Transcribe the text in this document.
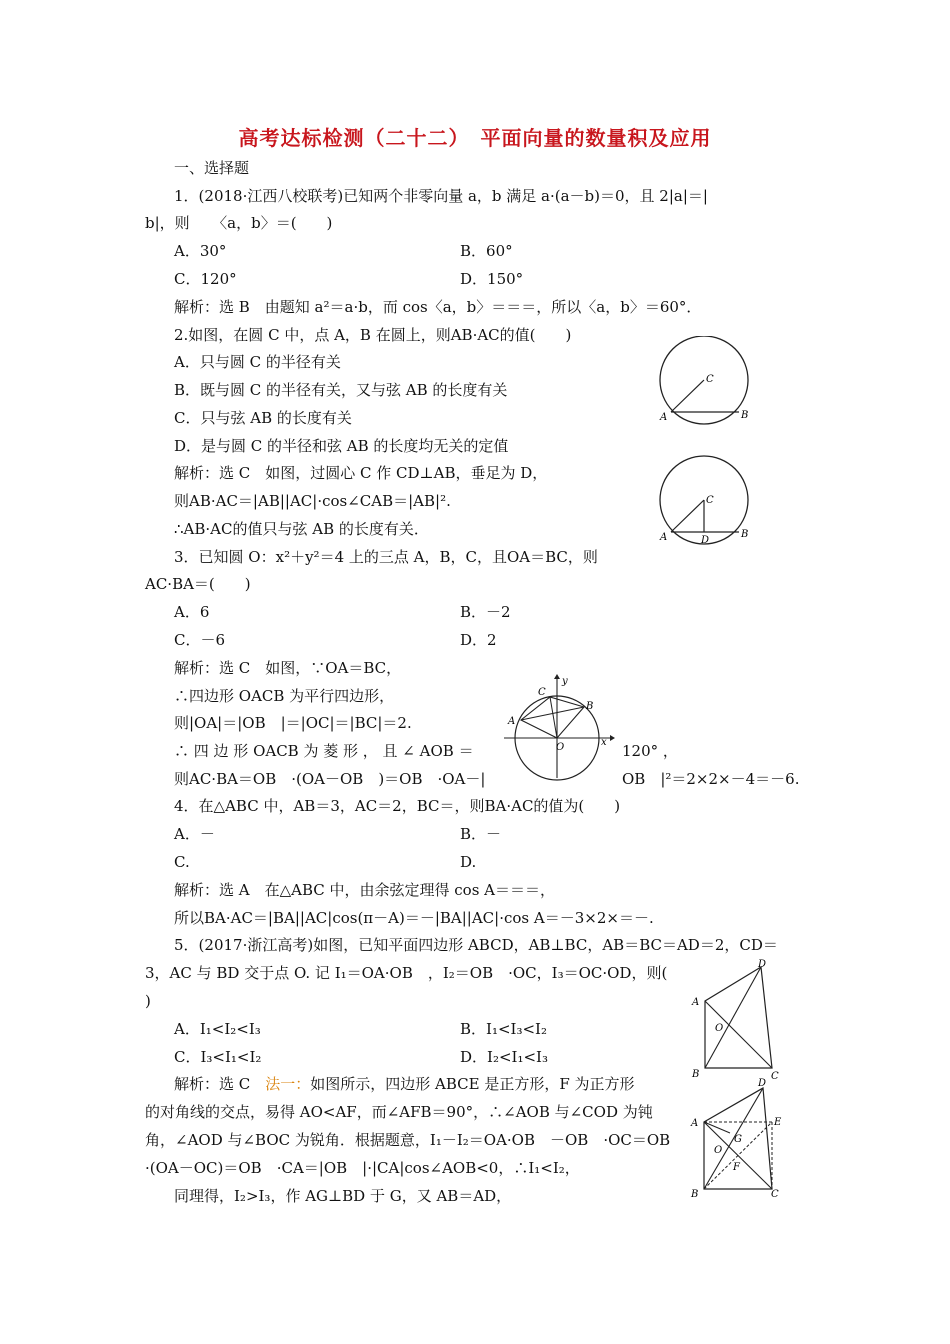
高考达标检测（二十二）　平面向量的数量积及应用
一、选择题
1．(2018·江西八校联考)已知两个非零向量 a，b 满足 a·(a－b)＝0，且 2|a|＝|
b|，则　　〈a，b〉＝(　　)
A．30°	B．60°
C．120°	D．150°
解析：选 B　由题知 a²＝a·b，而 cos〈a，b〉＝＝＝，所以〈a，b〉＝60°．
2.如图，在圆 C 中，点 A，B 在圆上，则AB·AC的值(　　)
A．只与圆 C 的半径有关
B．既与圆 C 的半径有关，又与弦 AB 的长度有关
C．只与弦 AB 的长度有关
D．是与圆 C 的半径和弦 AB 的长度均无关的定值
解析：选 C　如图，过圆心 C 作 CD⊥AB，垂足为 D，
则AB·AC＝|AB||AC|·cos∠CAB＝|AB|².
∴AB·AC的值只与弦 AB 的长度有关．
A	B
C
A	B
C
D
3．已知圆 O：x²＋y²＝4 上的三点 A，B，C，且OA＝BC，则
AC·BA＝(　　)
A．6	B．－2
C．－6	D．2
解析：选 C　如图，∵OA＝BC，
∴四边形 OACB 为平行四边形，
则|OA|＝|OB　|＝|OC|＝|BC|＝2.
∴ 四 边 形 OACB 为 菱 形 ， 且 ∠ AOB ＝	120° ，
则AC·BA＝OB　·(OA－OB　)＝OB　·OA－|	OB　|²＝2×2×－4＝－6.
A
B
C
O	x
y
4．在△ABC 中，AB＝3，AC＝2，BC＝，则BA·AC的值为(　　)
A．－	B．－
C.	D.
解析：选 A　在△ABC 中，由余弦定理得 cos A＝＝＝，
所以BA·AC＝|BA||AC|cos(π－A)＝－|BA||AC|·cos A＝－3×2×＝－.
5．(2017·浙江高考)如图，已知平面四边形 ABCD，AB⊥BC，AB＝BC＝AD＝2，CD＝
3，AC 与 BD 交于点 O. 记 I₁＝OA·OB　，I₂＝OB　·OC，I₃＝OC·OD，则(
)
A．I₁<I₂<I₃	B．I₁<I₃<I₂
C．I₃<I₁<I₂	D．I₂<I₁<I₃
解析：选 C　法一：如图所示，四边形 ABCE 是正方形，F 为正方形
的对角线的交点，易得 AO<AF，而∠AFB＝90°，∴∠AOB 与∠COD 为钝
角，∠AOD 与∠BOC 为锐角．根据题意，I₁－I₂＝OA·OB　－OB　·OC＝OB
·(OA－OC)＝OB　·CA＝|OB　|·|CA|cos∠AOB<0，∴I₁<I₂，
同理得，I₂>I₃，作 AG⊥BD 于 G，又 AB＝AD，
A
B	C
D
O
A
B	C
D
E
F
G
O
